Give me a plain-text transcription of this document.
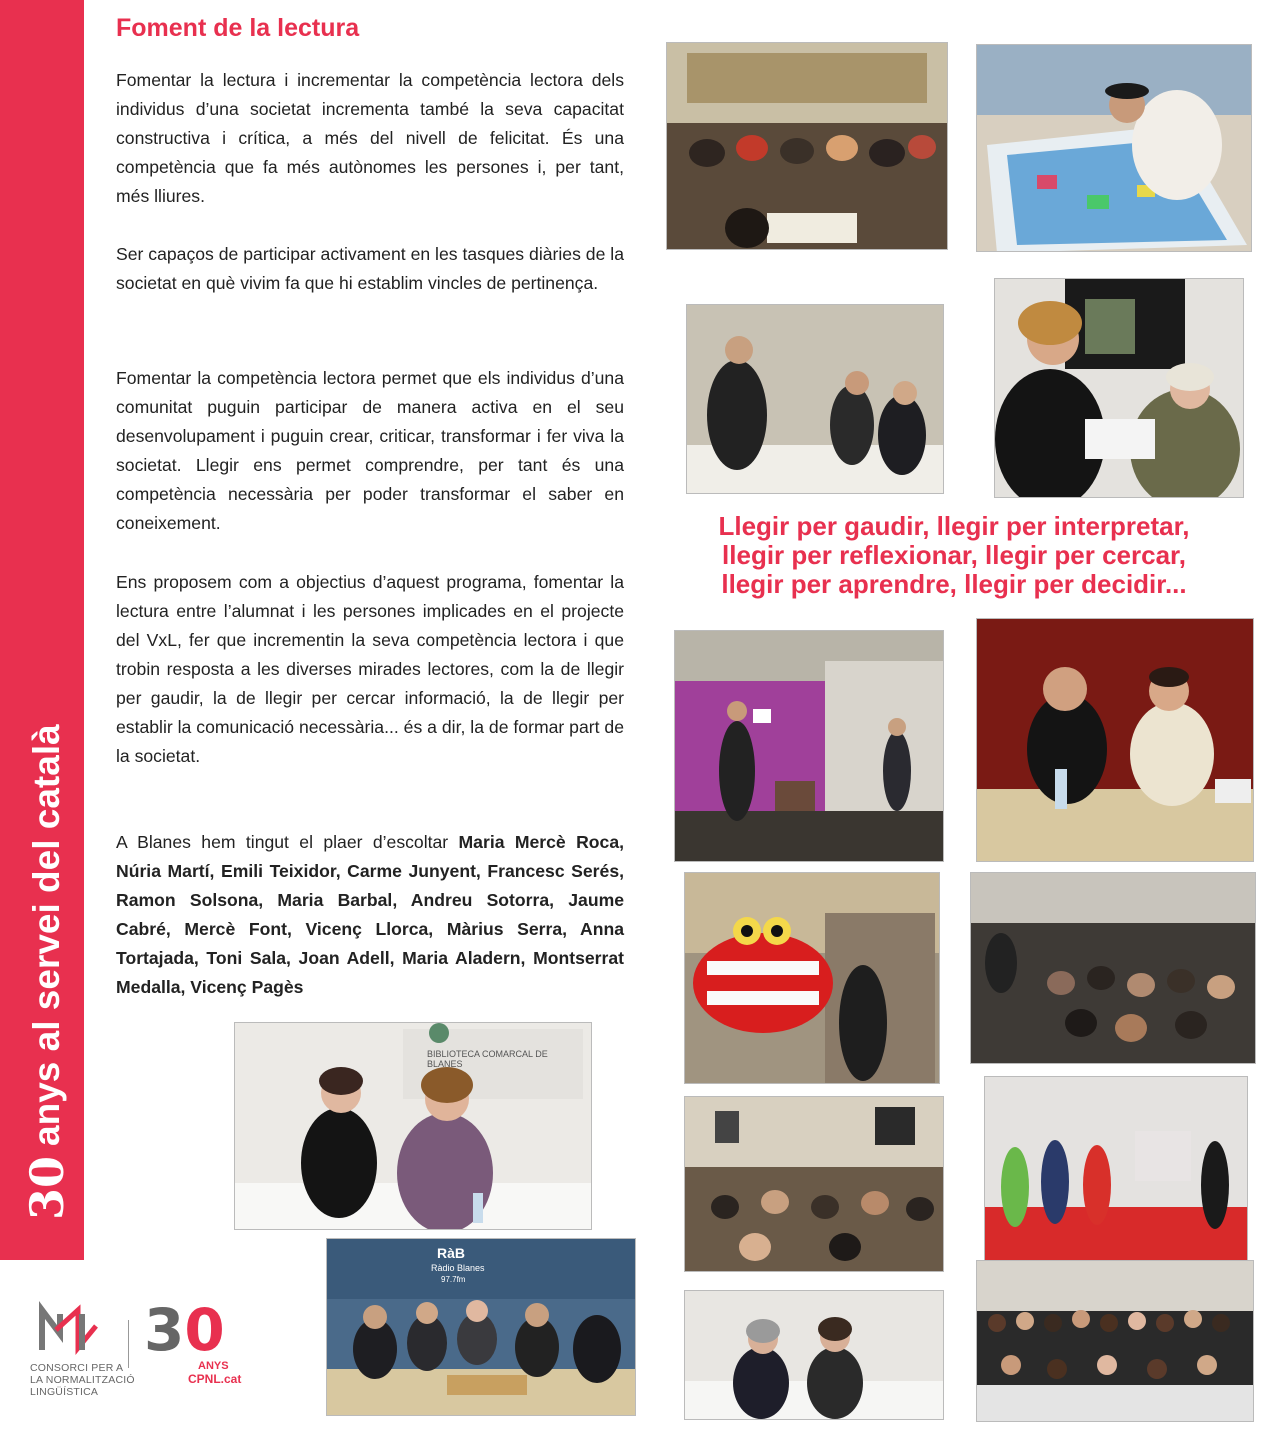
30anys al servei del català
Foment de la lectura

Fomentar la lectura i incrementar la competència lectora dels individus d’una societat incrementa també la seva capacitat constructiva i crítica, a més del nivell de felicitat. És una competència que fa més autònomes les persones i, per tant, més lliures.

Ser capaços de participar activament en les tasques diàries de la societat en què vivim fa que hi establim vincles de pertinença.

Fomentar la competència lectora permet que els individus d’una comunitat puguin participar de manera activa en el seu desenvolupament i puguin crear, criticar, transformar i fer viva la societat. Llegir ens permet comprendre, per tant és una competència necessària per poder transformar el saber en coneixement.

Ens proposem com a objectius d’aquest programa, fomentar la lectura entre l’alumnat i les persones implicades en el projecte del VxL, fer que incrementin la seva competència lectora i que trobin resposta a les diverses mirades lectores, com la de llegir per gaudir, la de llegir per cercar informació, la de llegir per establir la comunicació necessària... és a dir, la de formar part de la societat.

A Blanes hem tingut el plaer d’escoltar Maria Mercè Roca, Núria Martí, Emili Teixidor, Carme Junyent, Francesc Serés, Ramon Solsona, Maria Barbal, Andreu Sotorra, Jaume Cabré, Mercè Font, Vicenç Llorca, Màrius Serra, Anna Tortajada, Toni Sala, Joan Adell, Maria Aladern, Montserrat Medalla, Vicenç Pagès

Llegir per gaudir, llegir per interpretar,
llegir per reflexionar, llegir per cercar,
llegir per aprendre, llegir per decidir...

BIBLIOTECA COMARCAL DE BLANES
RàB
Ràdio Blanes
97.7fm
CONSORCI PER A
LA NORMALITZACIÓ
LINGÜÍSTICA
30
ANYS
CPNL.cat
